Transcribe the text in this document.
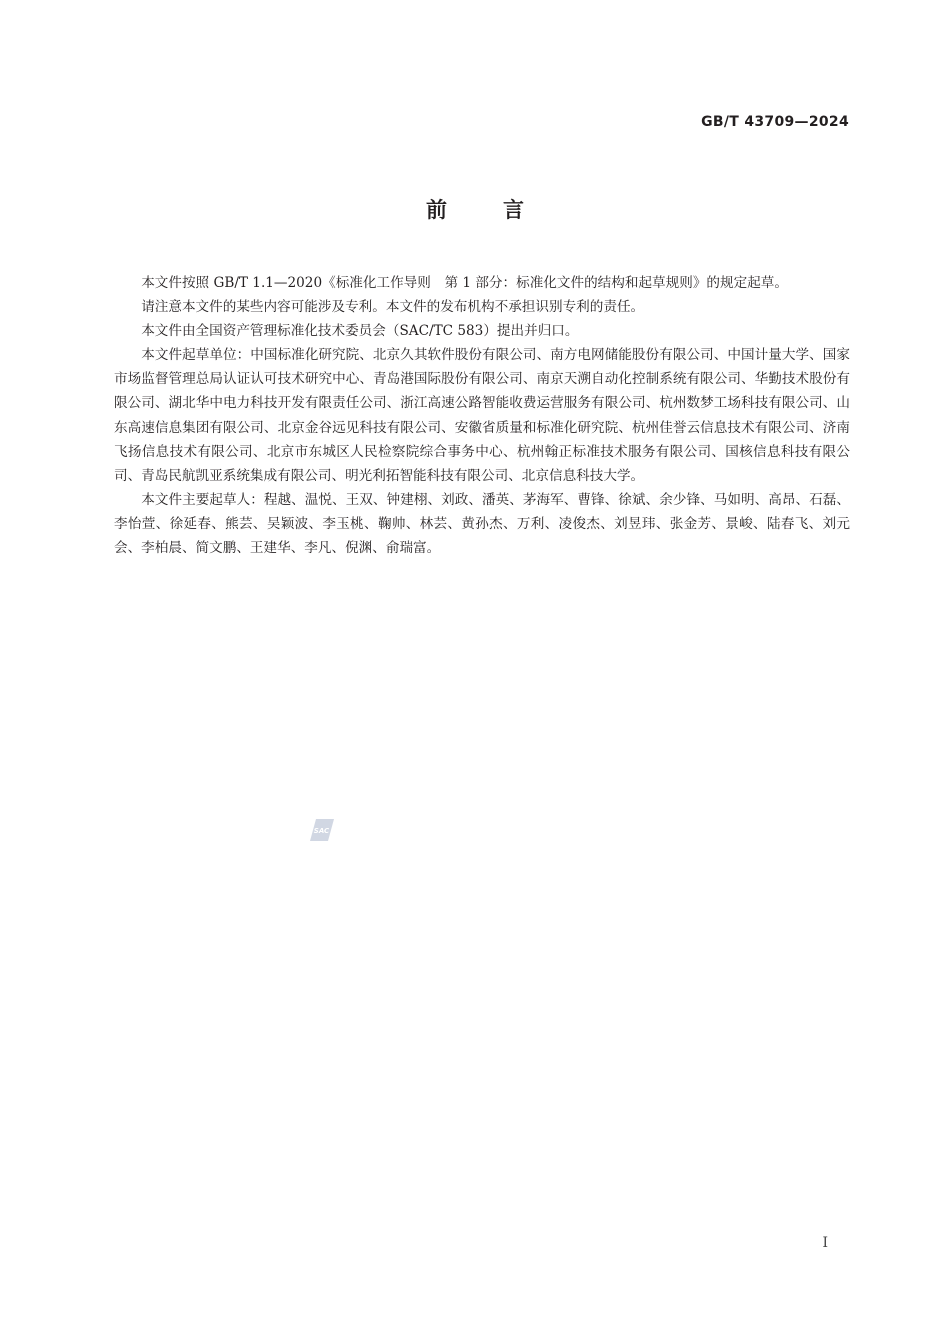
GB/T 43709—2024
前言

本文件按照 GB/T 1.1—2020《标准化工作导则　第 1 部分：标准化文件的结构和起草规则》的规定起草。

请注意本文件的某些内容可能涉及专利。本文件的发布机构不承担识别专利的责任。

本文件由全国资产管理标准化技术委员会（SAC/TC 583）提出并归口。

本文件起草单位：中国标准化研究院、北京久其软件股份有限公司、南方电网储能股份有限公司、中国计量大学、国家市场监督管理总局认证认可技术研究中心、青岛港国际股份有限公司、南京天溯自动化控制系统有限公司、华勤技术股份有限公司、湖北华中电力科技开发有限责任公司、浙江高速公路智能收费运营服务有限公司、杭州数梦工场科技有限公司、山东高速信息集团有限公司、北京金谷远见科技有限公司、安徽省质量和标准化研究院、杭州佳誉云信息技术有限公司、济南飞扬信息技术有限公司、北京市东城区人民检察院综合事务中心、杭州翰正标准技术服务有限公司、国核信息科技有限公司、青岛民航凯亚系统集成有限公司、明光利拓智能科技有限公司、北京信息科技大学。

本文件主要起草人：程越、温悦、王双、钟建栩、刘政、潘英、茅海军、曹锋、徐斌、余少锋、马如明、高昂、石磊、李怡萱、徐延春、熊芸、吴颖波、李玉桃、鞠帅、林芸、黄孙杰、万利、凌俊杰、刘昱玮、张金芳、景峻、陆春飞、刘元会、李柏晨、简文鹏、王建华、李凡、倪渊、俞瑞富。

SAC
I
